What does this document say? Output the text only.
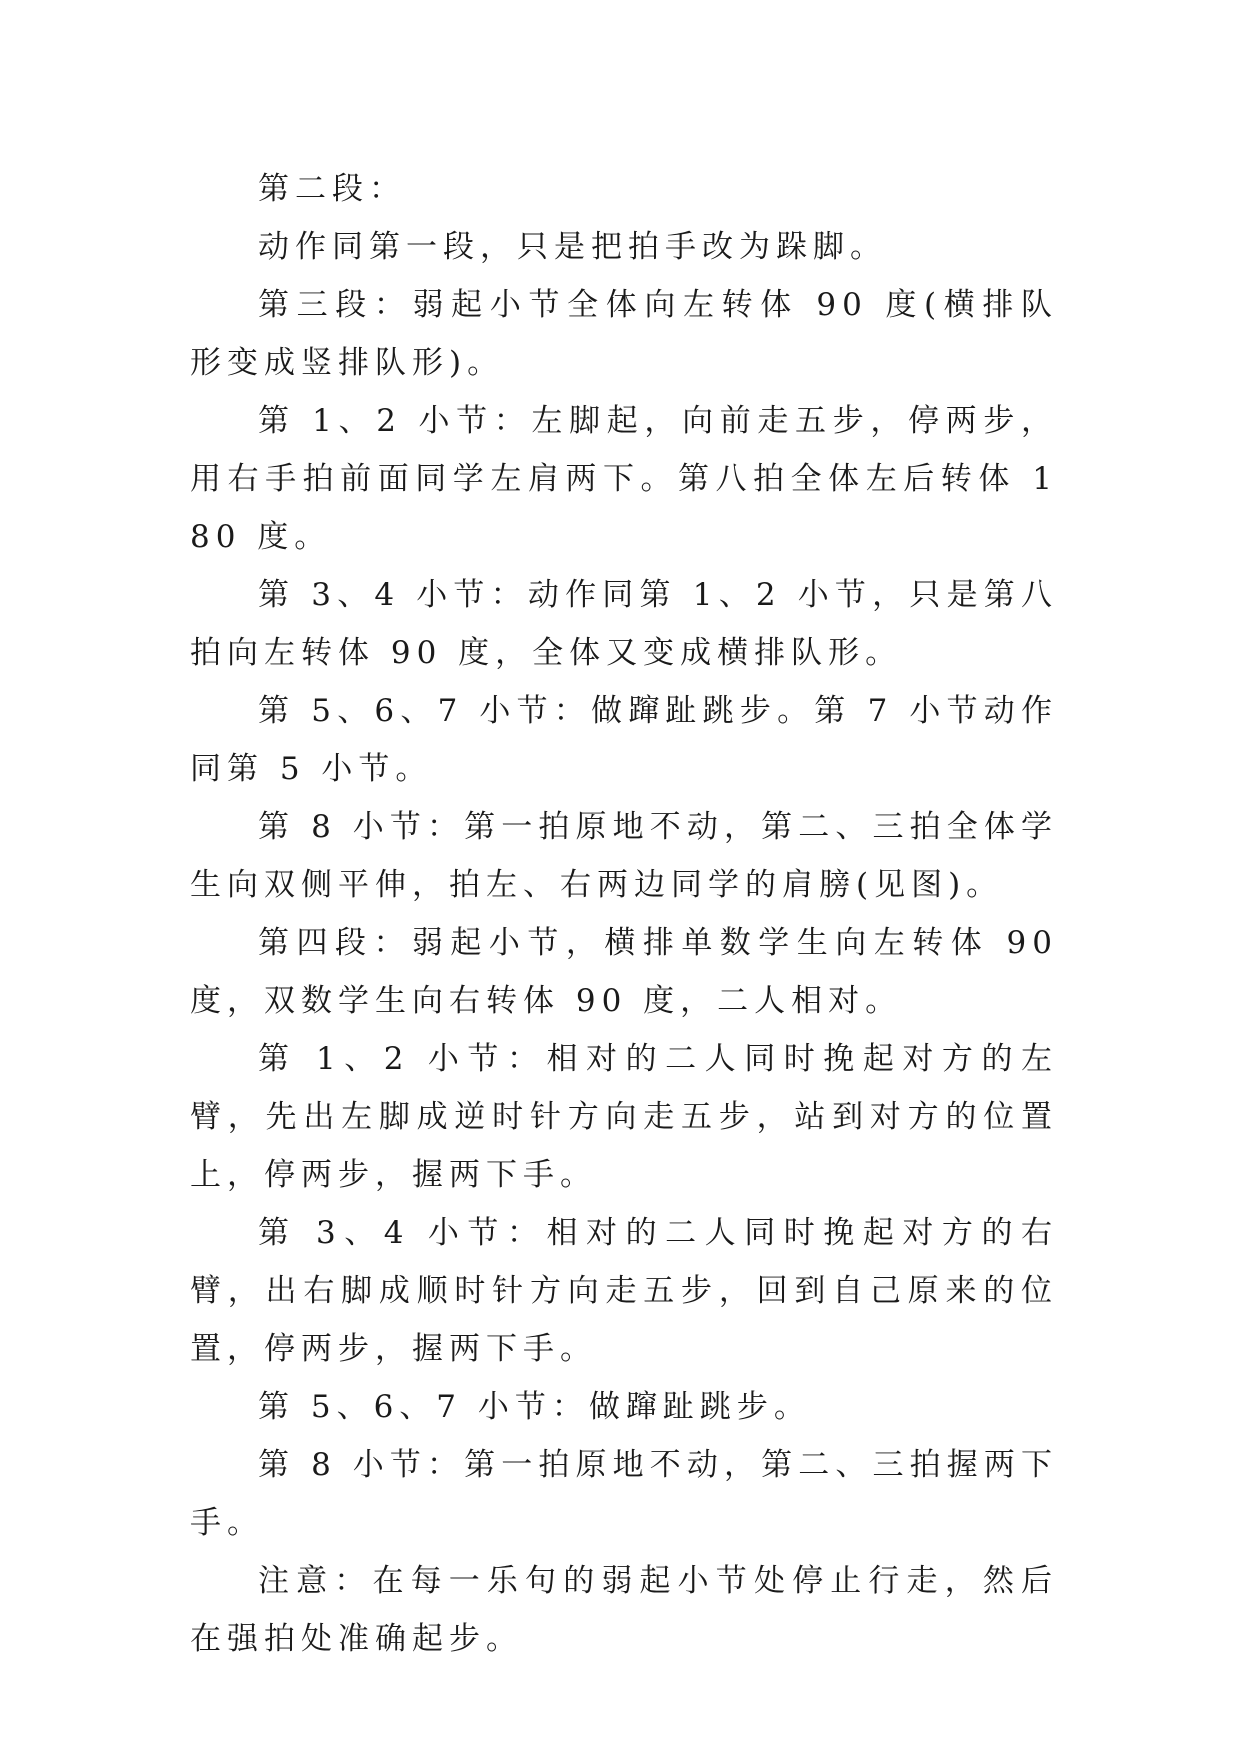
第二段：

动作同第一段，只是把拍手改为跺脚。

第三段：弱起小节全体向左转体 90 度(横排队形变成竖排队形)。

第 1、2 小节：左脚起，向前走五步，停两步，用右手拍前面同学左肩两下。第八拍全体左后转体 180 度。

第 3、4 小节：动作同第 1、2 小节，只是第八拍向左转体 90 度，全体又变成横排队形。

第 5、6、7 小节：做蹿趾跳步。第 7 小节动作同第 5 小节。

第 8 小节：第一拍原地不动，第二、三拍全体学生向双侧平伸，拍左、右两边同学的肩膀(见图)。

第四段：弱起小节，横排单数学生向左转体 90 度，双数学生向右转体 90 度，二人相对。

第 1、2 小节：相对的二人同时挽起对方的左臂，先出左脚成逆时针方向走五步，站到对方的位置上，停两步，握两下手。

第 3、4 小节：相对的二人同时挽起对方的右臂，出右脚成顺时针方向走五步，回到自己原来的位置，停两步，握两下手。

第 5、6、7 小节：做蹿趾跳步。

第 8 小节：第一拍原地不动，第二、三拍握两下手。

注意：在每一乐句的弱起小节处停止行走，然后在强拍处准确起步。
